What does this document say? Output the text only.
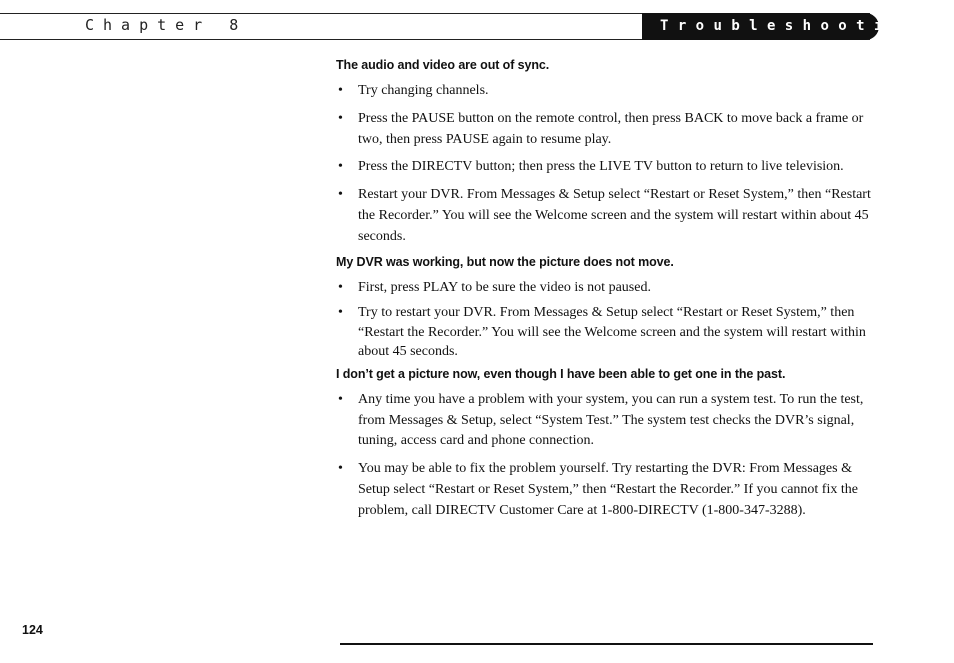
Chapter 8	Troubleshooting

The audio and video are out of sync.

• Try changing channels.
• Press the PAUSE button on the remote control, then press BACK to move back a frame or two, then press PAUSE again to resume play.
• Press the DIRECTV button; then press the LIVE TV button to return to live television.
• Restart your DVR. From Messages & Setup select “Restart or Reset System,” then “Restart the Recorder.” You will see the Welcome screen and the system will restart within about 45 seconds.

My DVR was working, but now the picture does not move.

• First, press PLAY to be sure the video is not paused.
• Try to restart your DVR. From Messages & Setup select “Restart or Reset System,” then “Restart the Recorder.” You will see the Welcome screen and the system will restart within about 45 seconds.

I don’t get a picture now, even though I have been able to get one in the past.

• Any time you have a problem with your system, you can run a system test. To run the test, from Messages & Setup, select “System Test.” The system test checks the DVR’s signal, tuning, access card and phone connection.
• You may be able to fix the problem yourself. Try restarting the DVR: From Messages & Setup select “Restart or Reset System,” then “Restart the Recorder.” If you cannot fix the problem, call DIRECTV Customer Care at 1-800-DIRECTV (1-800-347-3288).
124
